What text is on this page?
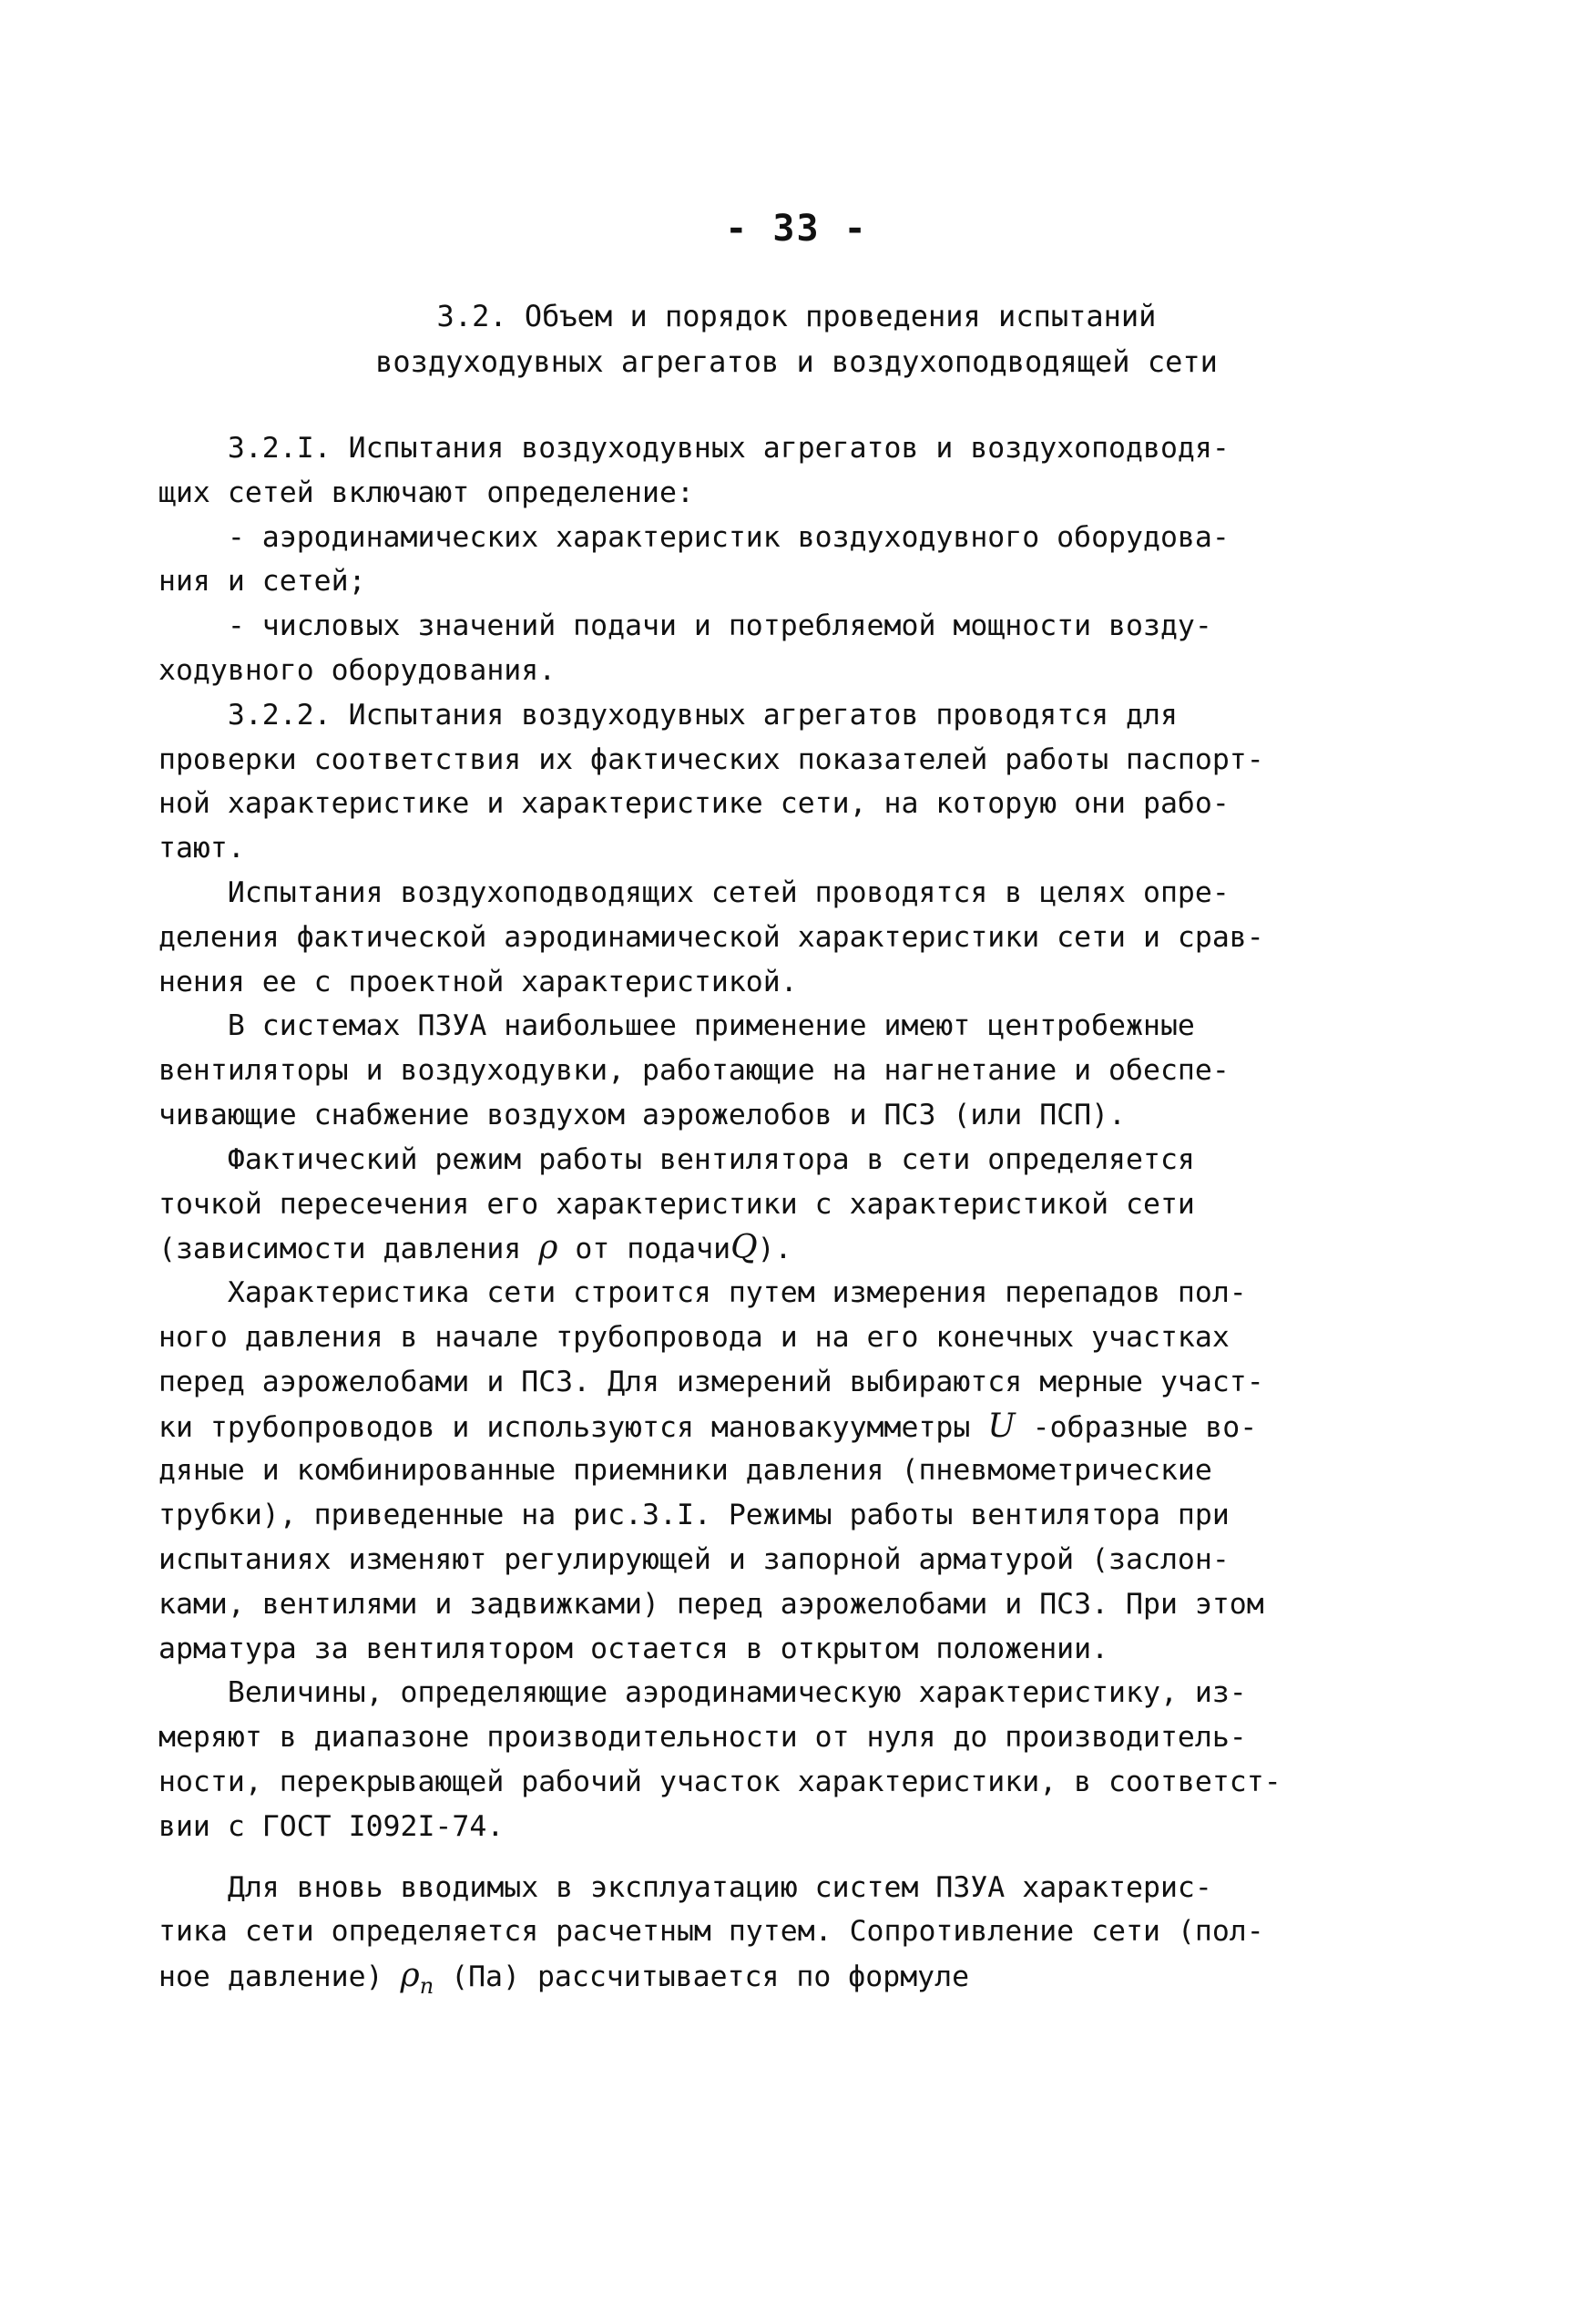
- 33 -
3.2. Объем и порядок проведения испытаний
воздуходувных агрегатов и воздухоподводящей сети
3.2.I. Испытания воздуходувных агрегатов и воздухоподводя-
щих сетей включают определение:
- аэродинамических характеристик воздуходувного оборудова-
ния и сетей;
- числовых значений подачи и потребляемой мощности возду-
ходувного оборудования.
3.2.2. Испытания воздуходувных агрегатов проводятся для
проверки соответствия их фактических показателей работы паспорт-
ной характеристике и характеристике сети, на которую они рабо-
тают.
Испытания воздухоподводящих сетей проводятся в целях опре-
деления фактической аэродинамической характеристики сети и срав-
нения ее с проектной характеристикой.
В системах ПЗУА наибольшее применение имеют центробежные
вентиляторы и воздуходувки, работающие на нагнетание и обеспе-
чивающие снабжение воздухом аэрожелобов и ПСЗ (или ПСП).
Фактический режим работы вентилятора в сети определяется
точкой пересечения его характеристики с характеристикой сети
(зависимости давления ρ от подачиQ).
Характеристика сети строится путем измерения перепадов пол-
ного давления в начале трубопровода и на его конечных участках
перед аэрожелобами и ПСЗ. Для измерений выбираются мерные участ-
ки трубопроводов и используются мановакуумметры U -образные во-
дяные и комбинированные приемники давления (пневмометрические
трубки), приведенные на рис.3.I. Режимы работы вентилятора при
испытаниях изменяют регулирующей и запорной арматурой (заслон-
ками, вентилями и задвижками) перед аэрожелобами и ПСЗ. При этом
арматура за вентилятором остается в открытом положении.
Величины, определяющие аэродинамическую характеристику, из-
меряют в диапазоне производительности от нуля до производитель-
ности, перекрывающей рабочий участок характеристики, в соответст-
вии с ГОСТ I092I-74.
Для вновь вводимых в эксплуатацию систем ПЗУА характерис-
тика сети определяется расчетным путем. Сопротивление сети (пол-
ное давление) $\rho_n$ (Па) рассчитывается по формуле
